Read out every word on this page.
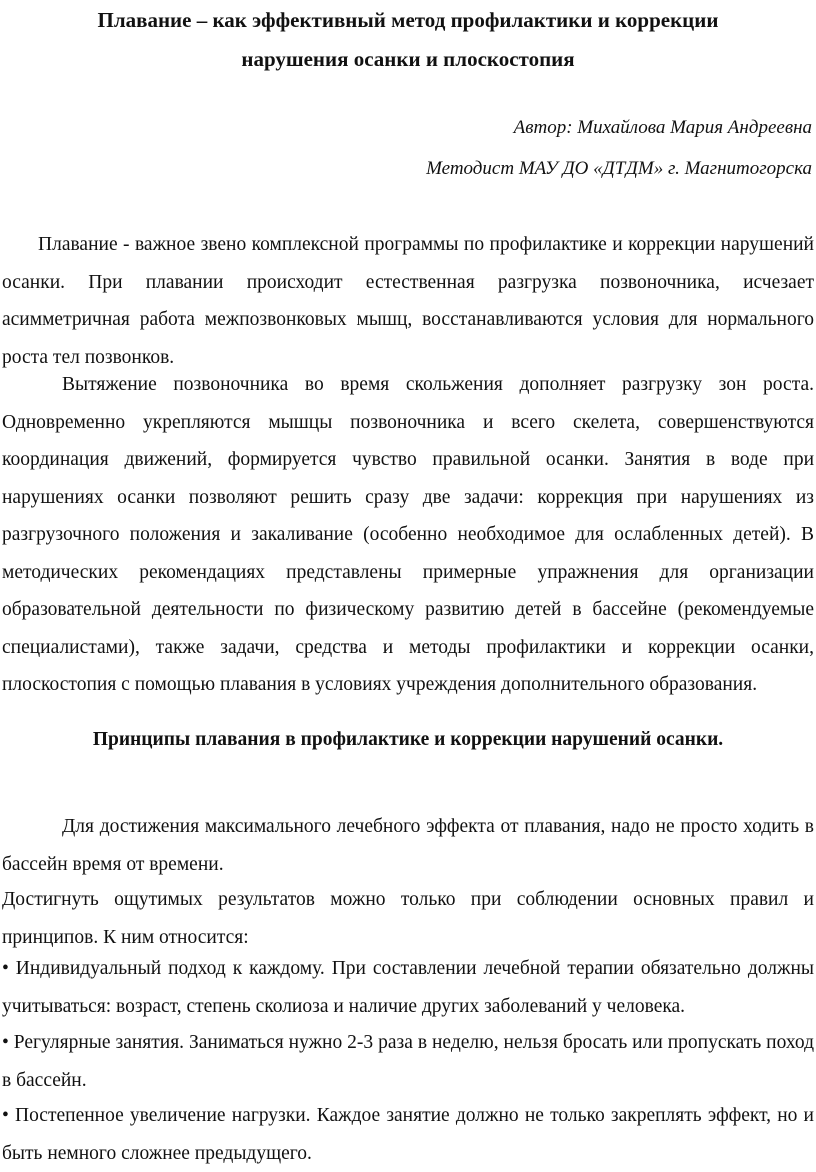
Плавание – как эффективный метод профилактики и коррекции
нарушения осанки и плоскостопия

Автор: Михайлова Мария Андреевна

Методист МАУ ДО «ДТДМ» г. Магнитогорска

Плавание - важное звено комплексной программы по профилактике и коррекции нарушений осанки. При плавании происходит естественная разгрузка позвоночника, исчезает асимметричная работа межпозвонковых мышц, восстанавливаются условия для нормального роста тел позвонков.

Вытяжение позвоночника во время скольжения дополняет разгрузку зон роста. Одновременно укрепляются мышцы позвоночника и всего скелета, совершенствуются координация движений, формируется чувство правильной осанки. Занятия в воде при нарушениях осанки позволяют решить сразу две задачи: коррекция при нарушениях из разгрузочного положения и закаливание (особенно необходимое для ослабленных детей). В методических рекомендациях представлены примерные упражнения для организации образовательной деятельности по физическому развитию детей в бассейне (рекомендуемые специалистами), также задачи, средства и методы профилактики и коррекции осанки, плоскостопия с помощью плавания в условиях учреждения дополнительного образования.

Принципы плавания в профилактике и коррекции нарушений осанки.

Для достижения максимального лечебного эффекта от плавания, надо не просто ходить в бассейн время от времени.

Достигнуть ощутимых результатов можно только при соблюдении основных правил и принципов. К ним относится:

• Индивидуальный подход к каждому. При составлении лечебной терапии обязательно должны учитываться: возраст, степень сколиоза и наличие других заболеваний у человека.

• Регулярные занятия. Заниматься нужно 2-3 раза в неделю, нельзя бросать или пропускать поход в бассейн.

• Постепенное увеличение нагрузки. Каждое занятие должно не только закреплять эффект, но и быть немного сложнее предыдущего.
